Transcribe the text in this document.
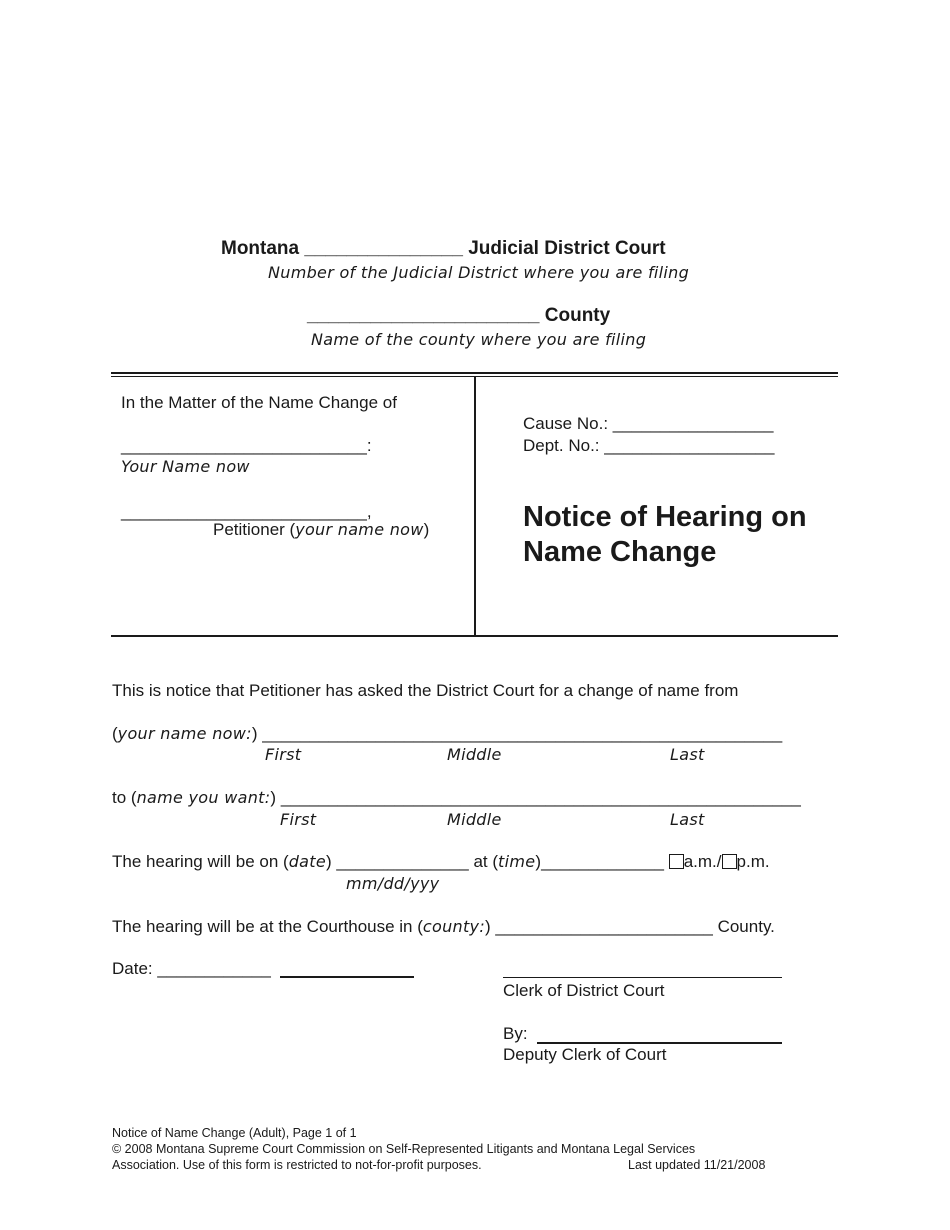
Montana _______________ Judicial District Court
Number of the Judicial District where you are filing
______________________ County
Name of the county where you are filing
In the Matter of the Name Change of
__________________________:
Your Name now
__________________________,
Petitioner (your name now)
Cause No.: _________________
Dept. No.: __________________
Notice of Hearing on
Name Change
This is notice that Petitioner has asked the District Court for a change of name from
(your name now:) _______________________________________________________
First	Middle	Last
to (name you want:) _______________________________________________________
First	Middle	Last
The hearing will be on (date) ______________ at (time)_____________ a.m./ p.m.
mm/dd/yyy
The hearing will be at the Courthouse in (county:) _______________________ County.
Date: ____________
Clerk of District Court
By:
Deputy Clerk of Court
Notice of Name Change (Adult), Page 1 of 1
© 2008 Montana Supreme Court Commission on Self-Represented Litigants and Montana Legal Services
Association. Use of this form is restricted to not-for-profit purposes.	Last updated 11/21/2008
